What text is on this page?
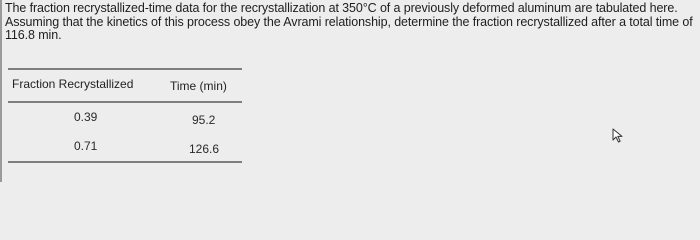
The fraction recrystallized-time data for the recrystallization at 350°C of a previously deformed aluminum are tabulated here.

Assuming that the kinetics of this process obey the Avrami relationship, determine the fraction recrystallized after a total time of

116.8 min.

Fraction Recrystallized	Time (min)
0.39	95.2
0.71	126.6
